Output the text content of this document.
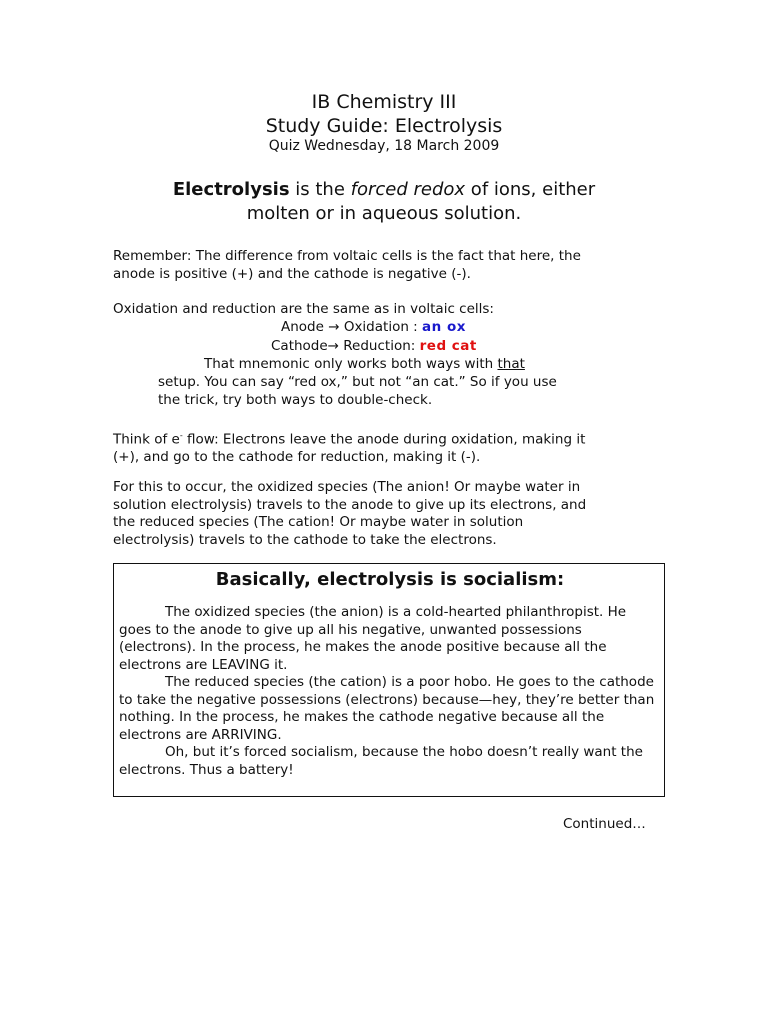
IB Chemistry III
Study Guide: Electrolysis
Quiz Wednesday, 18 March 2009
Electrolysis is the forced redox of ions, either
molten or in aqueous solution.
Remember: The difference from voltaic cells is the fact that here, the
anode is positive (+) and the cathode is negative (-).
Oxidation and reduction are the same as in voltaic cells:
Anode → Oxidation : an ox
Cathode→ Reduction: red cat
That mnemonic only works both ways with that
setup. You can say “red ox,” but not “an cat.” So if you use
the trick, try both ways to double-check.
Think of e- flow: Electrons leave the anode during oxidation, making it
(+), and go to the cathode for reduction, making it (-).
For this to occur, the oxidized species (The anion! Or maybe water in
solution electrolysis) travels to the anode to give up its electrons, and
the reduced species (The cation! Or maybe water in solution
electrolysis) travels to the cathode to take the electrons.
Basically, electrolysis is socialism:

The oxidized species (the anion) is a cold-hearted philanthropist. He goes to the anode to give up all his negative, unwanted possessions (electrons). In the process, he makes the anode positive because all the electrons are LEAVING it.

The reduced species (the cation) is a poor hobo. He goes to the cathode to take the negative possessions (electrons) because—hey, they’re better than nothing. In the process, he makes the cathode negative because all the electrons are ARRIVING.

Oh, but it’s forced socialism, because the hobo doesn’t really want the electrons. Thus a battery!

Continued…
